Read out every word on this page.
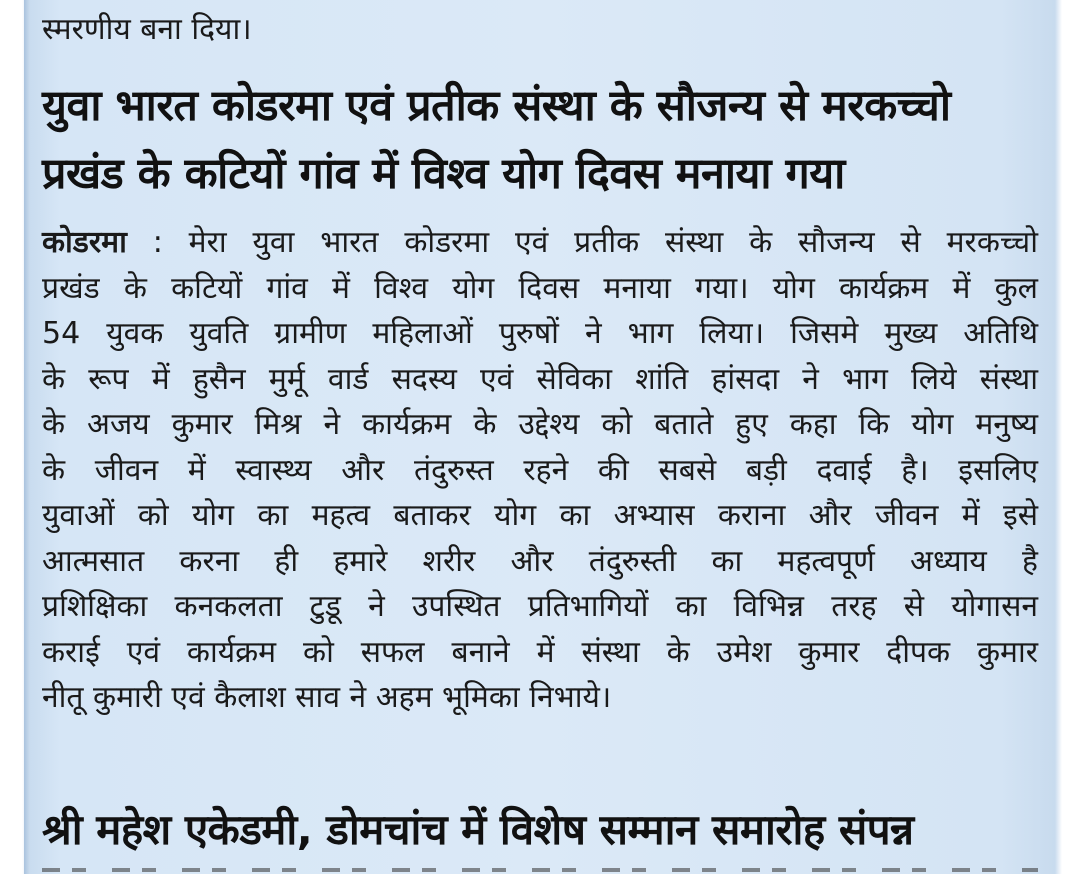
स्मरणीय बना दिया।
युवा भारत कोडरमा एवं प्रतीक संस्था के सौजन्य से मरकच्चो
प्रखंड के कटियों गांव में विश्व योग दिवस मनाया गया
कोडरमा : मेरा युवा भारत कोडरमा एवं प्रतीक संस्था के सौजन्य से मरकच्चो
प्रखंड के कटियों गांव में विश्व योग दिवस मनाया गया। योग कार्यक्रम में कुल
54 युवक युवति ग्रामीण महिलाओं पुरुषों ने भाग लिया। जिसमे मुख्य अतिथि
के रूप में हुसैन मुर्मू वार्ड सदस्य एवं सेविका शांति हांसदा ने भाग लिये संस्था
के अजय कुमार मिश्र ने कार्यक्रम के उद्देश्य को बताते हुए कहा कि योग मनुष्य
के जीवन में स्वास्थ्य और तंदुरुस्त रहने की सबसे बड़ी दवाई है। इसलिए
युवाओं को योग का महत्व बताकर योग का अभ्यास कराना और जीवन में इसे
आत्मसात करना ही हमारे शरीर और तंदुरुस्ती का महत्वपूर्ण अध्याय है
प्रशिक्षिका कनकलता टुडू ने उपस्थित प्रतिभागियों का विभिन्न तरह से योगासन
कराई एवं कार्यक्रम को सफल बनाने में संस्था के उमेश कुमार दीपक कुमार
नीतू कुमारी एवं कैलाश साव ने अहम भूमिका निभाये।
श्री महेश एकेडमी, डोमचांच में विशेष सम्मान समारोह संपन्न
